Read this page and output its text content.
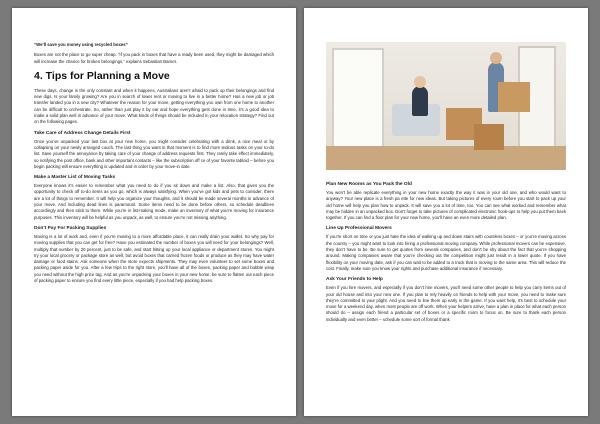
“We’ll save you money using recycled boxes”

Boxes are not the place to go super cheap. “If you pack in boxes that have a ready been used, they might be damaged which will increase the chance for broken belongings,” explains Sebastian Barnet.

4. Tips for Planning a Move

These days, change is the only constant and when it happens, Australians aren’t afraid to pack up their belongings and find new digs. Is your family growing? Are you in search of lower rent or moving to live in a better home? Has a new job or job transfer landed you in a new city? Whatever the reason for your move, getting everything you own from one home to another can be difficult to orchestrate. So, rather than just play it by ear and hope everything gets done in time, it’s a good idea to make a solid plan well in advance of your move. What kinds of things should be included in your relocation strategy? Find out on the following pages.

Take Care of Address Change Details First

Once you’ve unpacked your last box at your new home, you might consider celebrating with a drink, a nice meal or by collapsing on your newly arranged couch. The last thing you want in that moment is to find more tedious tasks on your to-do list. Save yourself the annoyance by taking care of your change of address requests first. They rarely take effect immediately, so notifying the post office, bank and other important contacts – like the subscription off ce of your favorite tabloid – before you begin packing will ensure everything is updated and in order by your move-in date.

Make a Master List of Moving Tasks

Everyone knows it’s easier to remember what you need to do if you sit down and make a list. Also, that gives you the opportunity to check off to-do items as you go, which is always satisfying. When you’ve got kids and pets to consider, there are a lot of things to remember. It will help you organize your thoughts, and it should be made several months in advance of your move. And including dead lines is paramount. Some items need to be done before others, so schedule deadlines accordingly and then stick to them. While you’re in list-making mode, make an inventory of what you’re moving for insurance purposes. This inventory will be helpful as you unpack, as well, to ensure you’re not missing anything.

Don’t Pay For Packing Supplies

Moving is a lot of work and, even if you’re moving to a more affordable place, it can really drain your wallet. So why pay for moving supplies that you can get for free? Have you estimated the number of boxes you will need for your belongings? Well, multiply that number by 20 percent, just to be safe, and start hitting up your local appliance or department stores. You might try your local grocery or package store as well, but avoid boxes that carried frozen foods or produce as they may have water damage or food stains. Ask someone when the store expects shipments. They may even volunteer to set some boxes and packing paper aside for you. After a few trips to the right store, you’ll have all of the boxes, packing paper and bubble wrap you need without the high price tag. And as you’re unpacking your boxes in your new home, be sure to flatten out each piece of packing paper to ensure you find every little piece, especially if you had help packing boxes.

Plan New Rooms as You Pack the Old

You won’t be able replicate everything in your new home exactly the way it was in your old one, and who would want to anyway? Your new place is a fresh pa ette for new ideas. But taking pictures of every room before you start to pack up your old home will help you plan how to unpack. It will save you a lot of time, too. You can see what worked and remember what may be hidden in an unpacked box. Don’t forget to take pictures of complicated electronic hook-ups to help you put them back together. If you can find a floor plan for your new home, you’ll have an even more detailed plan.

Line Up Professional Movers

If you’re short on time or you just hate the idea of walking up and down stairs with countless boxes – or you’re moving across the country – you might want to look into hiring a professional moving company. While professional movers can be expensive, they don’t have to be. Be sure to get quotes from several companies, and don’t be shy about the fact that you’re shopping around. Making companies aware that you’re checking out the competition might just result in a lower quote. If you have flexibility on your moving date, ask if you can wait to be added to a truck that is moving to the same area. This will reduce the cost. Finally, make sure you know your rights and purchase additional insurance if necessary.

Ask Your Friends to Help

Even if you hire movers, and especially if you don’t hire movers, you’ll need some other people to help you carry items out of your old house and into your new one. If you plan to rely heavily on friends to help with your move, you need to make sure they’re committed to your plight. And you need to line them up early in the game. If you want help, it’s best to schedule your move for a weekend day, when most people are off work. When your helpers arrive, have a plan in place for what each person should do – assign each friend a particular set of boxes or a specific room to focus on. Be sure to thank each person individually and even better – schedule some sort of formal thank
